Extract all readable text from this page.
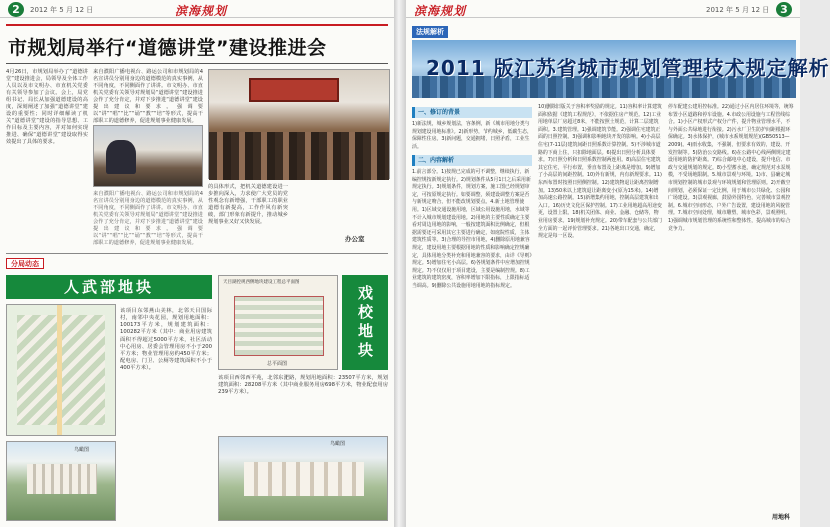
2	2012 年 5 月 12 日	滨海规划
市规划局举行“道德讲堂”建设推进会
4月26日，市规划局举办了“道德讲堂”建设推进会，局领导及全体工作人员以及市文明办、市直机关党委有关领导参加了会议。会上，局党组书记、局长从加强道德建设的高度，深刻阐述了加强“道德讲堂”建设的重要性；同时详细解读了机关“道德讲堂”建设的指导思想、工作目标及主要内容，并对如何实现推进、确保“道德讲堂”建设取得实效提出了具体的要求。
来自濮阳广播电视台、路运公司和市规划局的4名宣讲员分别用身边的道德模范的真实事例，从不同角度，不同侧面作了讲讲。市文明办、市直机关党委有关领导对规划局“道德讲堂”建设推进会作了充分肯定，并对下步推进“道德讲堂”建设提出建议和要求。强调要以“讲”“唱”“比”“诵”“教”“培”等形式，提高干部职工的道德修养，促进规划事业健康发展。
的具体形式，把机关道德建设进一步推向深入，力求使广大党员的党性观念有新增强，干部职工的职业道德有新提高，工作作风有新突破，部门形象有新提升，推动城乡规划事业又好又快发展。
来自濮阳广播电视台、路运公司和市规划局的4名宣讲员分别用身边的道德模范的真实事例，从不同角度，不同侧面作了讲讲。市文明办、市直机关党委有关领导对规划局“道德讲堂”建设推进会作了充分肯定，并对下步推进“道德讲堂”建设提出建议和要求。强调要以“讲”“唱”“比”“诵”“教”“培”等形式，提高干部职工的道德修养，促进规划事业健康发展。
办公室
分局动态
人武部地块
该项目东邻燕山美林，北邻天目国际村，南邻中央花园，规划用地面积：100173平方米，规划建筑面积：100282平方米（其中：商业用房建筑面积不得超过5000平方米，社区活动中心用房、居委会管理用房不小于200平方米；物业管理用房约450平方米；配电房、门卫、公厕等建筑面积不小于400平方米）。
鸟瞰图
天目湖控规西侧地块建设工程总平面图
总平面图
戏校地块
该项目西邻西平苑，北邻东淝路，规划用地面积：23507平方米，规划建筑面积：28208平方米（其中商业服务用房698平方米，物业配套用房239平方米）。
鸟瞰图
滨海规划	2012 年 5 月 12 日 3
法规解析
2011 版江苏省城市规划管理技术规定解析
一、修订的背景

1)新法规，城乡规划法，容条例，新《城市用地分类与规划建设用地标准》。2)新形势，节约城乡，低碳生态，保障性住房。3)新问题，交通拥堵，日照矛盾，工业生活。

二、内容解析

1.前言部分。1)按规已完成的可不调整，继续执行，新编控规按新规定执行。2)规划条件从5月1日之后采用新规定执行。3)规划条件，规划方案，施工图已经规划审定，可按原规定执行。如要调整，须建设调整方案是否与新规定吻合，但不能改规划要点。4.新土地管理使用。1)区域交通设施用地，区域公用设施用地，水域等不计入城市规划建设用地。2)用地的主要性质确定主要看对周边用地的影响，一般按建筑面积比例确定，但根据需要还可采用其它主要进行确定，如庭院性质，主体建筑性质等。3)合理的导控市用地，4)删除原用地兼容规定，建设用地主要根据用地的性质和影响确定控规确定，具体用地分类补充和用地兼容的要求，由详《导则》规定。5)增加住宅小高层。6)各规划条件中应增加控规规定。7)不仅仅用于项目建设，主要是编制控规。8)工业建筑的建筑密度，容积率增加下限指标，上限指标适当调高。9)删除公共设施用地用地的指标规定。

10)删除旧版关于容积率奖励的规定。11)容积率计算建筑面积依据《建筑工程规范》，不依据住房产规范。12)工业用地单层厂房超过8米，不能按照土规范，计算二层建筑面积。3.建筑管理。1)强调建筑节能。2)强调住宅建筑正面的日照控制。3)强调和影响地块开发的影响。4)小高层住宅(7-11层)建筑间距日照系数计算控制。5)不涉城市道路的下商上住，只扣除地面层。6)提出日照分析具体要求。7)日照分析和日照系数控制两连用。8)高层住宅建筑其它住宅，平行布置，垂直布置及上距离是增加。9)增加了小高层的间距控制。10)外有新规，内有新规要求。11)东西布置时按照日照侧控制。12)建筑物退让距离控制增加。13)50米以上建筑退让距离变小(原为15米)。14)增加高速公路控制。15)新增集约用地，控制高层建筑和出入口。16)历史文化区保护控制。17)工业用地超高用途变更，设置上限。18)机关团体、商业、金融、仓储等，物业用房要求。19)规划补充规定。20)带车配套与公共部门全方面的一起评价管理要求。21)各地出口交通，确定，规定是每一区设。

停车配建公建用控标准。22)通过小区内居住环境等，统筹布置小区道路和停车设施。4.市政公用设施与工程管线综合。1)小区产权形式产权分产件，提升物业管理水平，不与外面公共绿地进行衔接。2)污水厂卫生防护间距根据环保确定。3)水体保护，(城市水系规划规范)(GB50513—2009)。4)雨水收集，不强制，但要求有效的，建设、开发控制等。5)防治公交路线。6)在公路中心线两侧规定建设用地的防护距离。7)综合邮电中心建设，提升电信、市政与交通规划的规定。8)小型蓄水池，确定规范对水泵规模，不受场地限制。5.城市景观与环境。1)市、县确定城市规划控制的城市景观与环境规划和管理原则。2)开敞空间规划，必须保证一定比例，用于城市公共绿化、公园和广场建设。3)景观视廊，鼓励外国特色，完善城市景观控制。6.城市空间形态，户外广告设置，建设用地的风貌管理。7.城市空间处理，城市雕塑，城市色彩，景观照明。1)强调城市规划管理的系统性和整体性，提高城市的综合竞争力。

用地科
